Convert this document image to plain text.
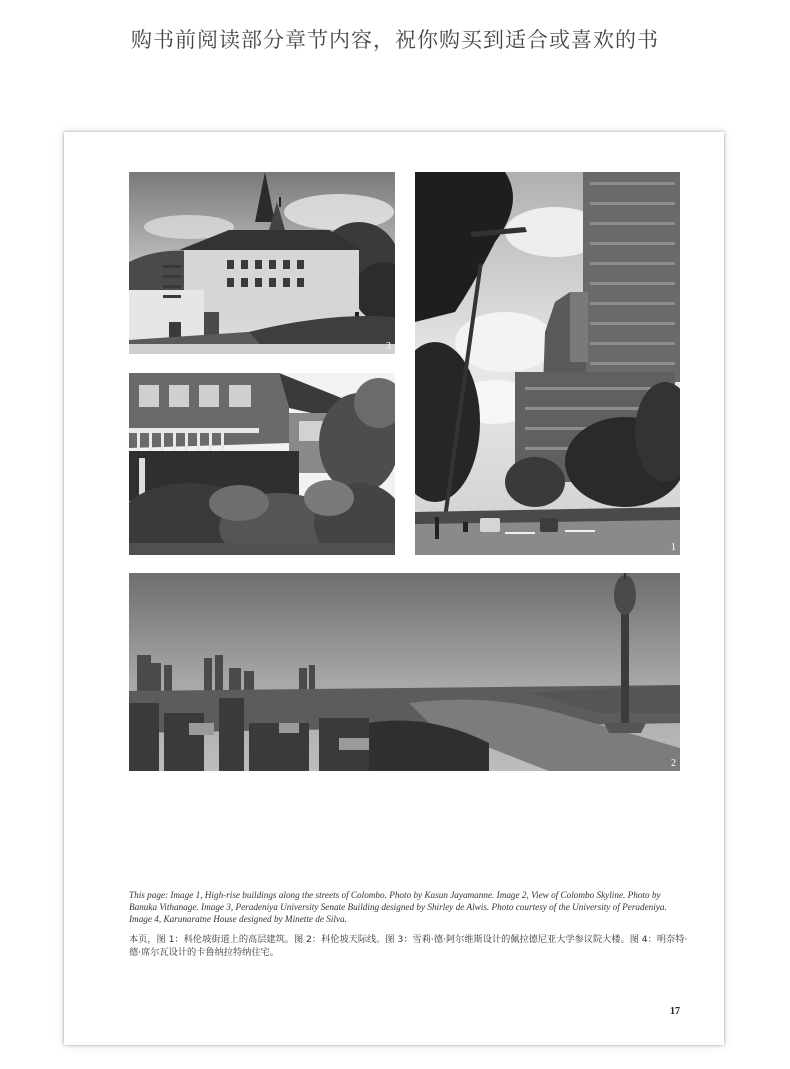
购书前阅读部分章节内容，祝你购买到适合或喜欢的书
3
1
2

This page: Image 1, High-rise buildings along the streets of Colombo. Photo by Kasun Jayamanne. Image 2, View of Colombo Skyline. Photo by Banuka Vithanage. Image 3, Peradeniya University Senate Building designed by Shirley de Alwis. Photo courtesy of the University of Peradeniya. Image 4, Karunaratne House designed by Minette de Silva.

本页，图 1：科伦坡街道上的高层建筑。图 2：科伦坡天际线。图 3：雪莉·德·阿尔维斯设计的佩拉德尼亚大学参议院大楼。图 4：明奈特·德·席尔瓦设计的卡鲁纳拉特纳住宅。

17
